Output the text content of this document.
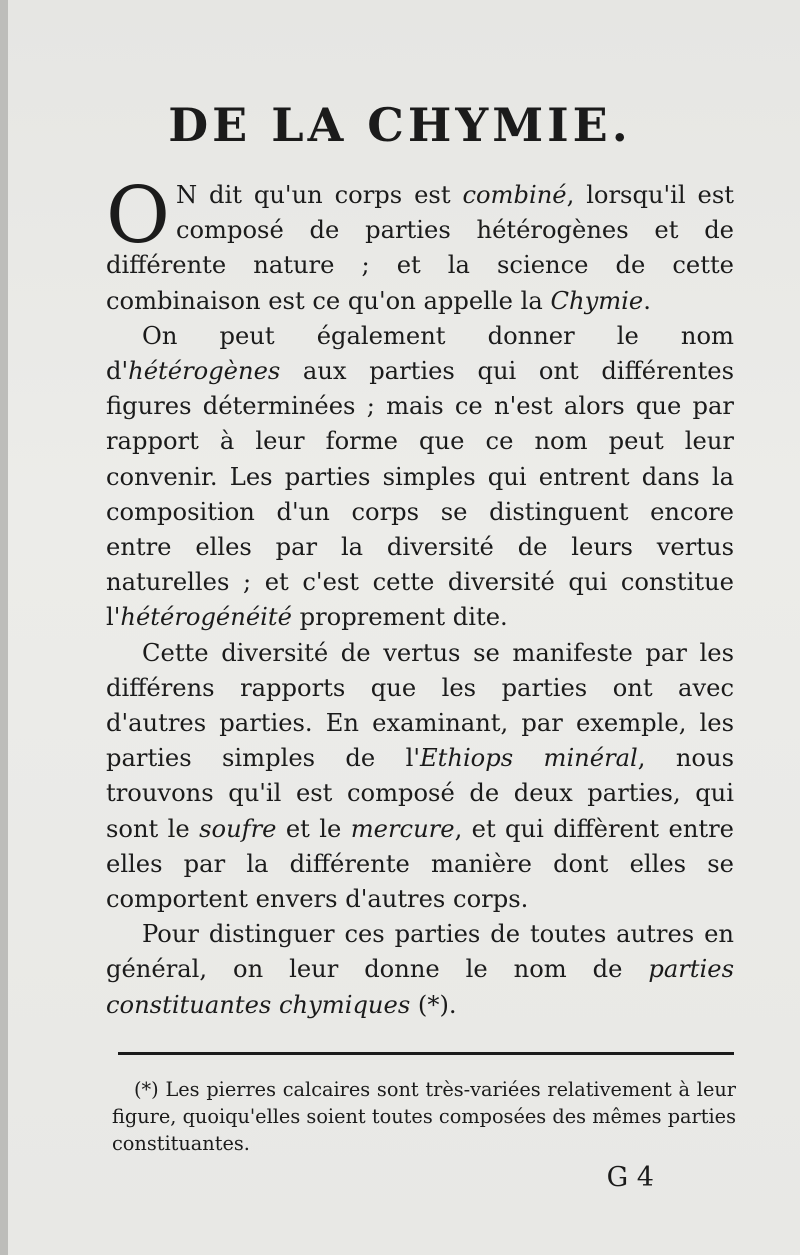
DE LA CHYMIE.

O N dit qu'un corps est combiné, lorsqu'il est composé de parties hétérogènes et de différente nature ; et la science de cette combinaison est ce qu'on appelle la Chymie.

On peut également donner le nom d'hétérogènes aux parties qui ont différentes figures déterminées ; mais ce n'est alors que par rapport à leur forme que ce nom peut leur convenir. Les parties simples qui entrent dans la composition d'un corps se distinguent encore entre elles par la diversité de leurs vertus naturelles ; et c'est cette diversité qui constitue l'hétérogénéité proprement dite.

Cette diversité de vertus se manifeste par les différens rapports que les parties ont avec d'autres parties. En examinant, par exemple, les parties simples de l'Ethiops minéral, nous trouvons qu'il est composé de deux parties, qui sont le soufre et le mercure, et qui diffèrent entre elles par la différente manière dont elles se comportent envers d'autres corps.

Pour distinguer ces parties de toutes autres en général, on leur donne le nom de parties constituantes chymiques (*).

(*) Les pierres calcaires sont très-variées relativement à leur figure, quoiqu'elles soient toutes composées des mêmes parties constituantes.

G 4
